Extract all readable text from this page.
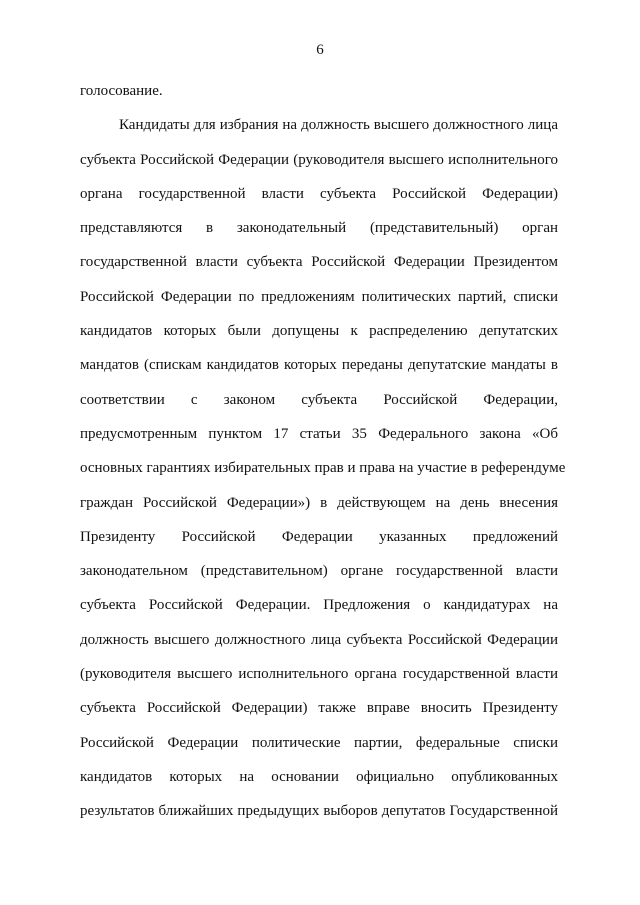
6
голосование.
Кандидаты для избрания на должность высшего должностного лица
субъекта Российской Федерации (руководителя высшего исполнительного
органа государственной власти субъекта Российской Федерации)
представляются в законодательный (представительный) орган
государственной власти субъекта Российской Федерации Президентом
Российской Федерации по предложениям политических партий, списки
кандидатов которых были допущены к распределению депутатских
мандатов (спискам кандидатов которых переданы депутатские мандаты в
соответствии с законом субъекта Российской Федерации,
предусмотренным пунктом 17 статьи 35 Федерального закона «Об
основных гарантиях избирательных прав и права на участие в референдуме
граждан Российской Федерации») в действующем на день внесения
Президенту Российской Федерации указанных предложений
законодательном (представительном) органе государственной власти
субъекта Российской Федерации. Предложения о кандидатурах на
должность высшего должностного лица субъекта Российской Федерации
(руководителя высшего исполнительного органа государственной власти
субъекта Российской Федерации) также вправе вносить Президенту
Российской Федерации политические партии, федеральные списки
кандидатов которых на основании официально опубликованных
результатов ближайших предыдущих выборов депутатов Государственной
